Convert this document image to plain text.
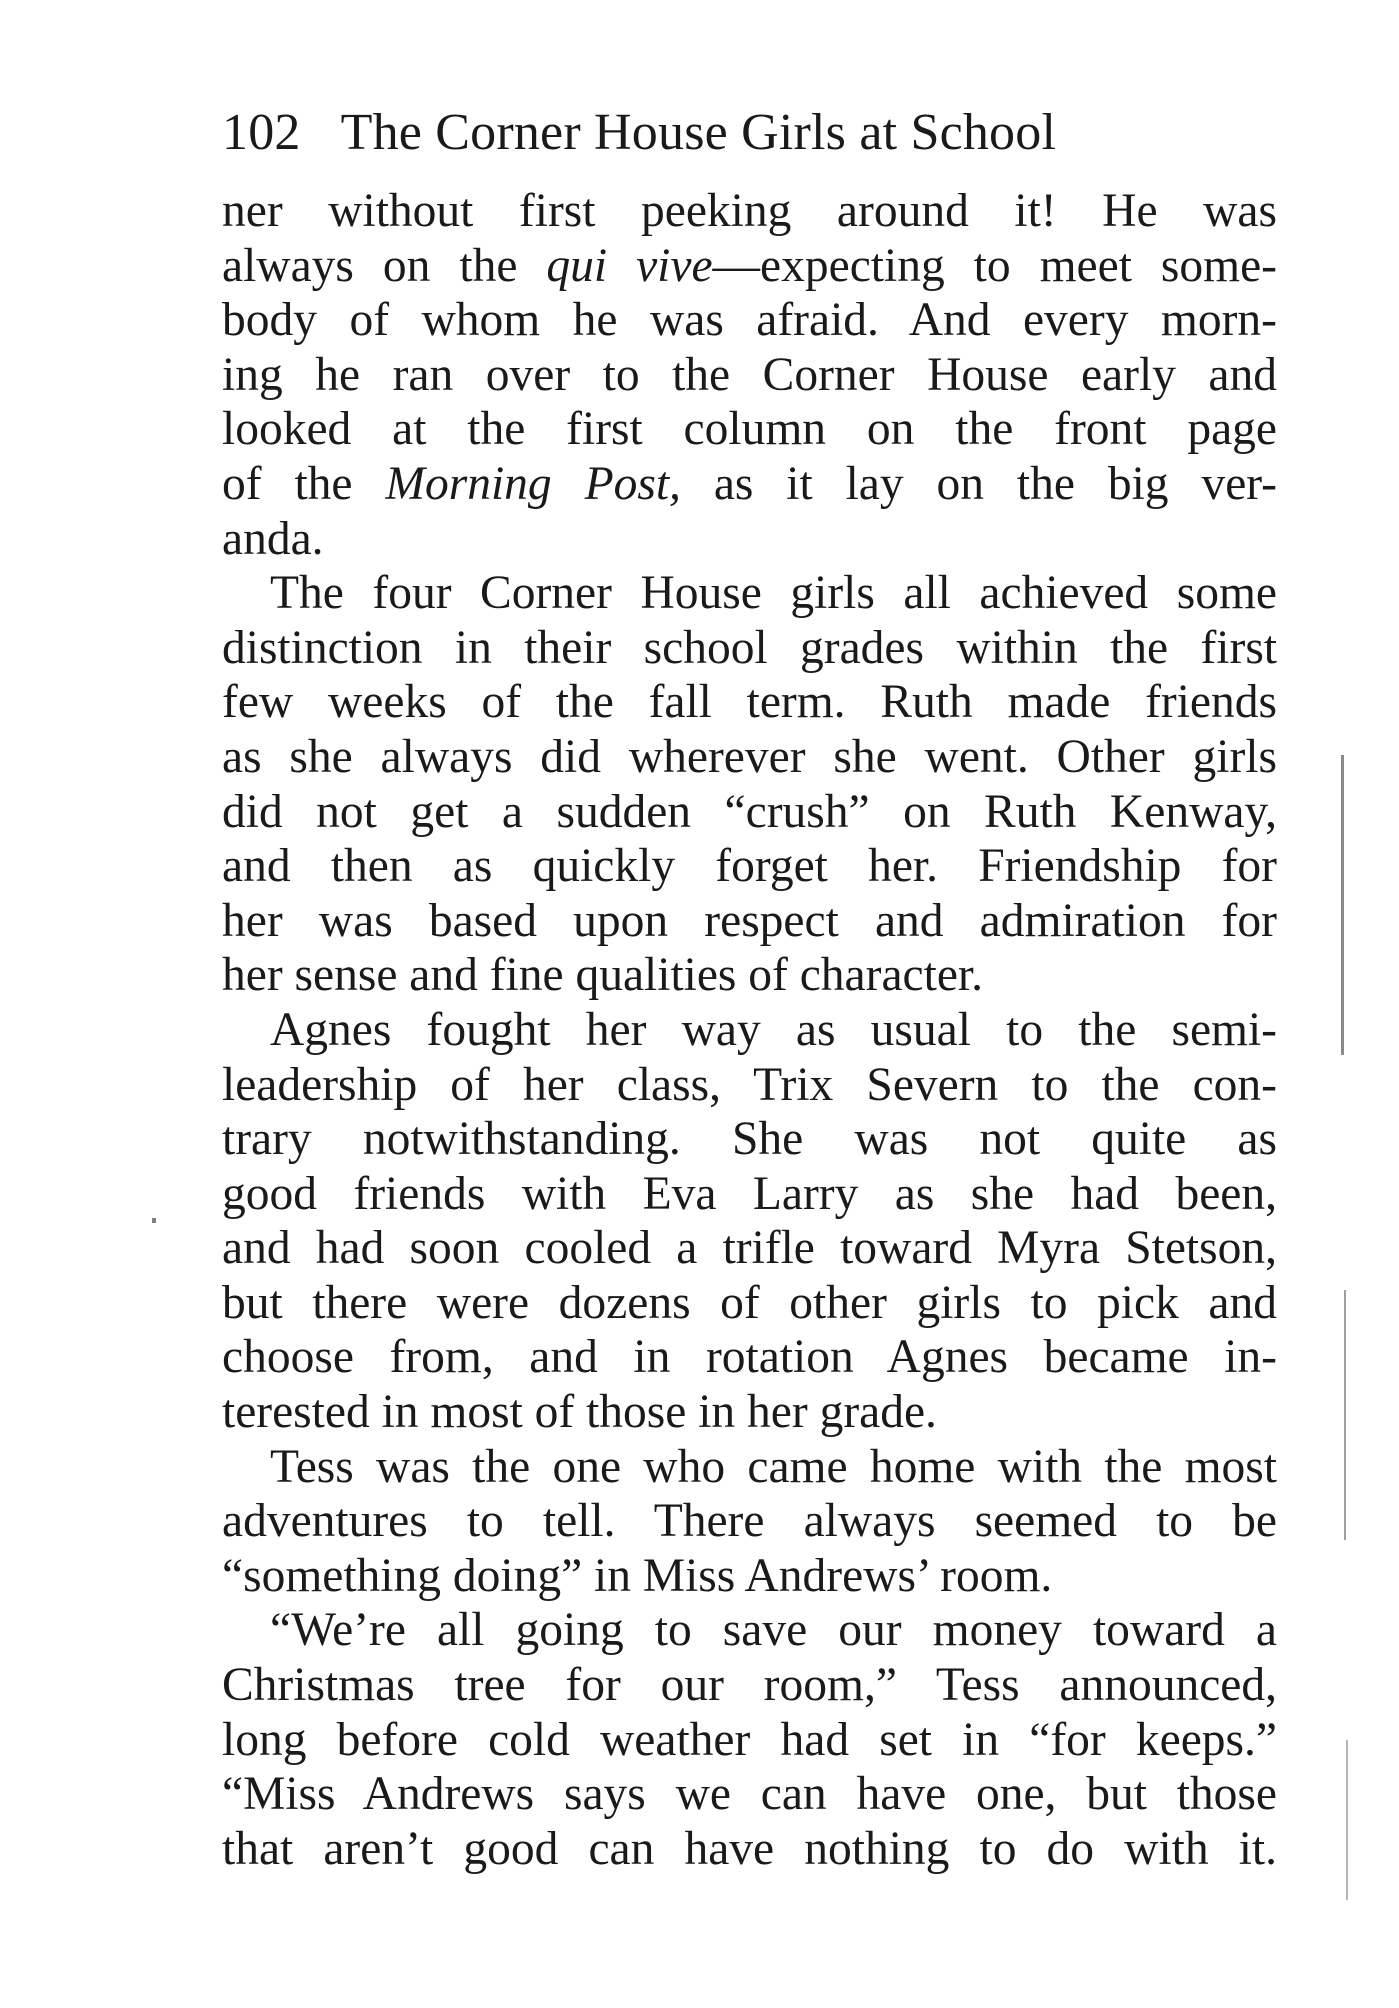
102 The Corner House Girls at School
ner without first peeking around it! He was
always on the qui vive—expecting to meet some-
body of whom he was afraid. And every morn-
ing he ran over to the Corner House early and
looked at the first column on the front page
of the Morning Post, as it lay on the big ver-
anda.
The four Corner House girls all achieved some
distinction in their school grades within the first
few weeks of the fall term. Ruth made friends
as she always did wherever she went. Other girls
did not get a sudden “crush” on Ruth Kenway,
and then as quickly forget her. Friendship for
her was based upon respect and admiration for
her sense and fine qualities of character.
Agnes fought her way as usual to the semi-
leadership of her class, Trix Severn to the con-
trary notwithstanding. She was not quite as
good friends with Eva Larry as she had been,
and had soon cooled a trifle toward Myra Stetson,
but there were dozens of other girls to pick and
choose from, and in rotation Agnes became in-
terested in most of those in her grade.
Tess was the one who came home with the most
adventures to tell. There always seemed to be
“something doing” in Miss Andrews’ room.
“We’re all going to save our money toward a
Christmas tree for our room,” Tess announced,
long before cold weather had set in “for keeps.”
“Miss Andrews says we can have one, but those
that aren’t good can have nothing to do with it.
